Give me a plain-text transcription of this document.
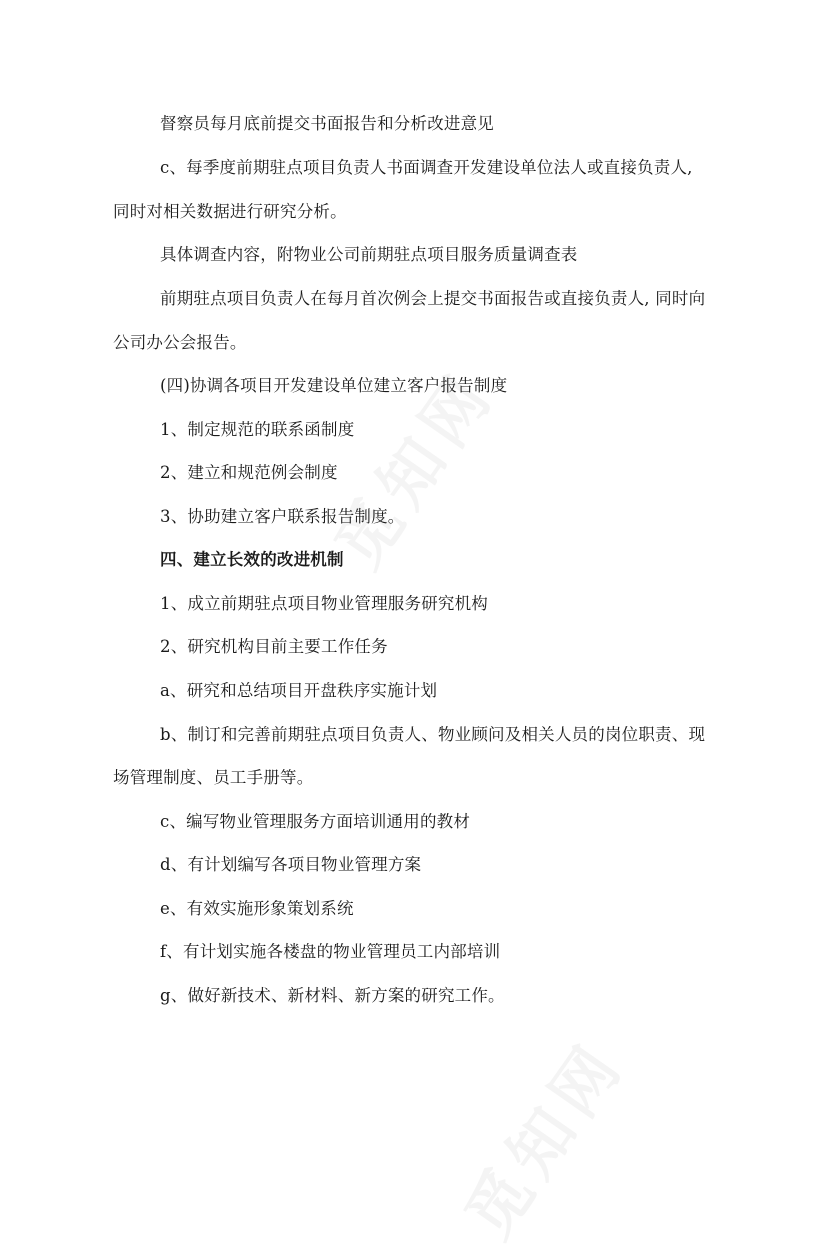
督察员每月底前提交书面报告和分析改进意见
c、每季度前期驻点项目负责人书面调查开发建设单位法人或直接负责人,
同时对相关数据进行研究分析。
具体调查内容，附物业公司前期驻点项目服务质量调查表
前期驻点项目负责人在每月首次例会上提交书面报告或直接负责人, 同时向
公司办公会报告。
(四)协调各项目开发建设单位建立客户报告制度
1、制定规范的联系函制度
2、建立和规范例会制度
3、协助建立客户联系报告制度。
四、建立长效的改进机制
1、成立前期驻点项目物业管理服务研究机构
2、研究机构目前主要工作任务
a、研究和总结项目开盘秩序实施计划
b、制订和完善前期驻点项目负责人、物业顾问及相关人员的岗位职责、现
场管理制度、员工手册等。
c、编写物业管理服务方面培训通用的教材
d、有计划编写各项目物业管理方案
e、有效实施形象策划系统
f、有计划实施各楼盘的物业管理员工内部培训
g、做好新技术、新材料、新方案的研究工作。
